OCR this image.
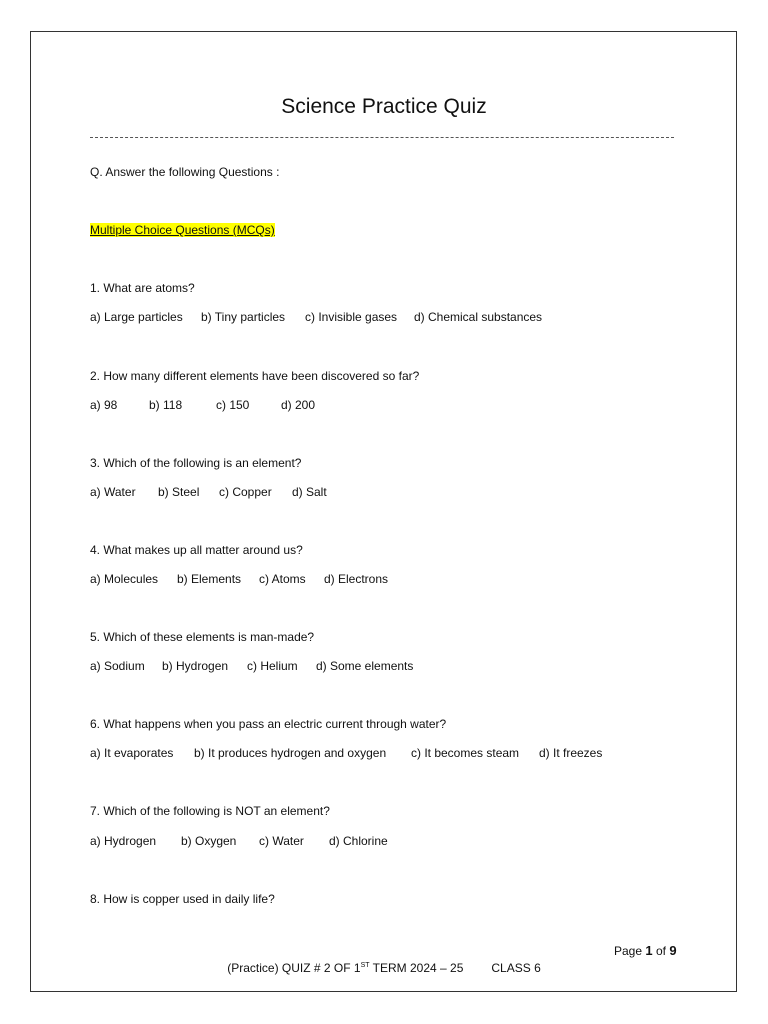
Science Practice Quiz
Q. Answer the following Questions :
Multiple Choice Questions (MCQs)
1. What are atoms?
a) Large particles b) Tiny particles c) Invisible gases d) Chemical substances
2. How many different elements have been discovered so far?
a) 98	b) 118	c) 150	d) 200
3. Which of the following is an element?
a) Water b) Steel c) Copper d) Salt
4. What makes up all matter around us?
a) Molecules b) Elements c) Atoms d) Electrons
5. Which of these elements is man-made?
a) Sodium b) Hydrogen c) Helium d) Some elements
6. What happens when you pass an electric current through water?
a) It evaporates b) It produces hydrogen and oxygen c) It becomes steam d) It freezes
7. Which of the following is NOT an element?
a) Hydrogen b) Oxygen c) Water d) Chlorine
8. How is copper used in daily life?
Page 1 of 9
(Practice) QUIZ # 2 OF 1ST TERM 2024 – 25 CLASS 6
